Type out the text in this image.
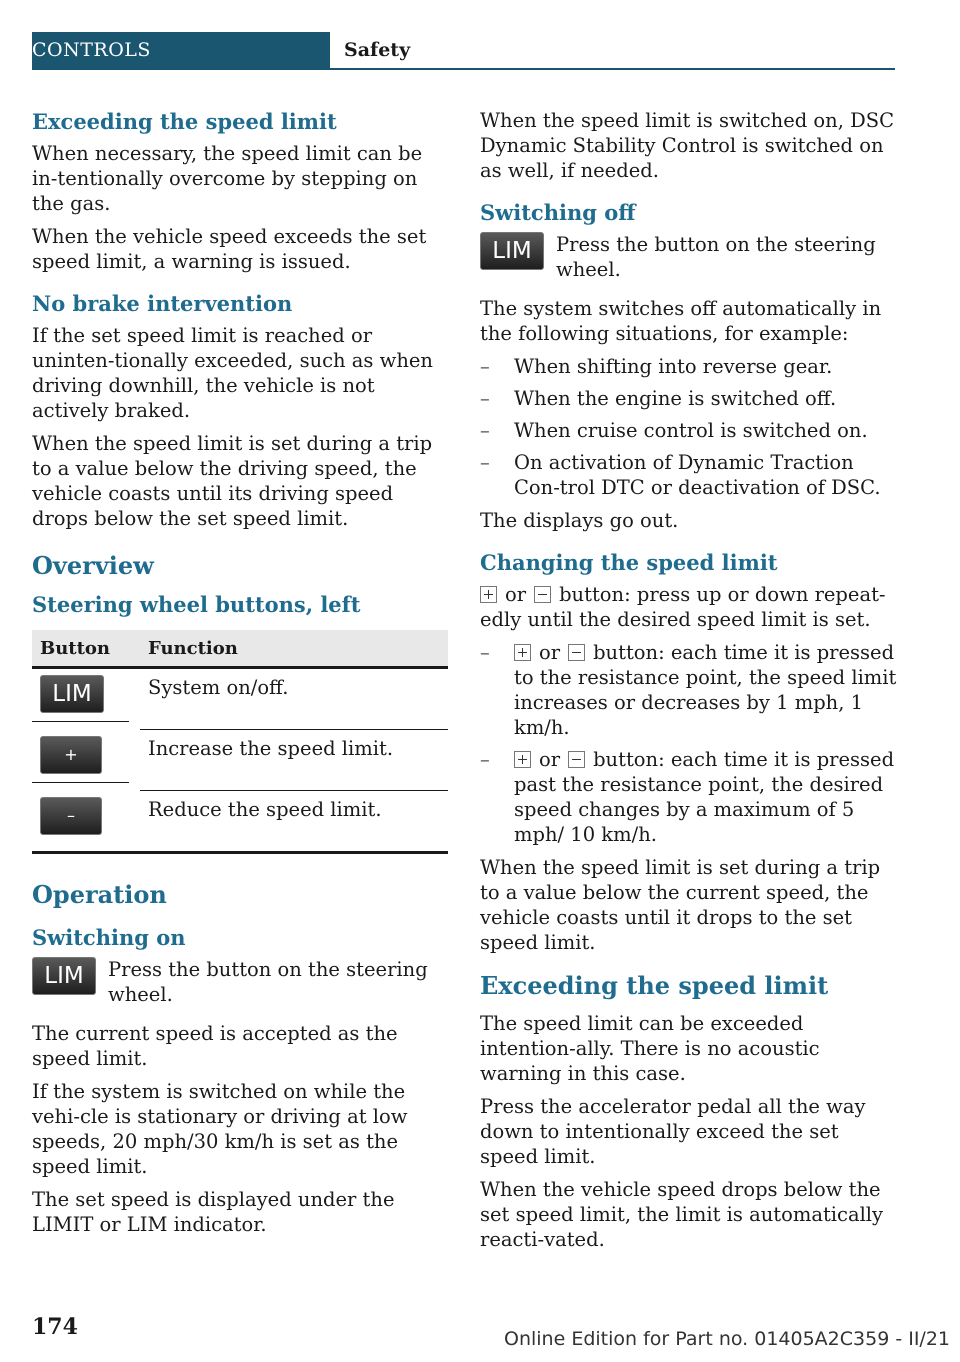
CONTROLS	Safety
Exceeding the speed limit

When necessary, the speed limit can be in-tentionally overcome by stepping on the gas.

When the vehicle speed exceeds the set speed limit, a warning is issued.

No brake intervention

If the set speed limit is reached or uninten-tionally exceeded, such as when driving downhill, the vehicle is not actively braked.

When the speed limit is set during a trip to a value below the driving speed, the vehicle coasts until its driving speed drops below the set speed limit.

Overview
Steering wheel buttons, left
Button	Function
LIM	System on/off.
+	Increase the speed limit.
–	Reduce the speed limit.
Operation
Switching on
LIM	Press the button on the steering wheel.

The current speed is accepted as the speed limit.

If the system is switched on while the vehi-cle is stationary or driving at low speeds, 20 mph/30 km/h is set as the speed limit.

The set speed is displayed under the LIMIT or LIM indicator.

When the speed limit is switched on, DSC Dynamic Stability Control is switched on as well, if needed.

Switching off
LIM	Press the button on the steering wheel.

The system switches off automatically in the following situations, for example:

– When shifting into reverse gear.
– When the engine is switched off.
– When cruise control is switched on.
– On activation of Dynamic Traction Con-trol DTC or deactivation of DSC.

The displays go out.

Changing the speed limit

or button: press up or down repeat-edly until the desired speed limit is set.

– or button: each time it is pressed to the resistance point, the speed limit increases or decreases by 1 mph, 1 km/h.
– or button: each time it is pressed past the resistance point, the desired speed changes by a maximum of 5 mph/ 10 km/h.

When the speed limit is set during a trip to a value below the current speed, the vehicle coasts until it drops to the set speed limit.

Exceeding the speed limit

The speed limit can be exceeded intention-ally. There is no acoustic warning in this case.

Press the accelerator pedal all the way down to intentionally exceed the set speed limit.

When the vehicle speed drops below the set speed limit, the limit is automatically reacti-vated.

174	Online Edition for Part no. 01405A2C359 - II/21
